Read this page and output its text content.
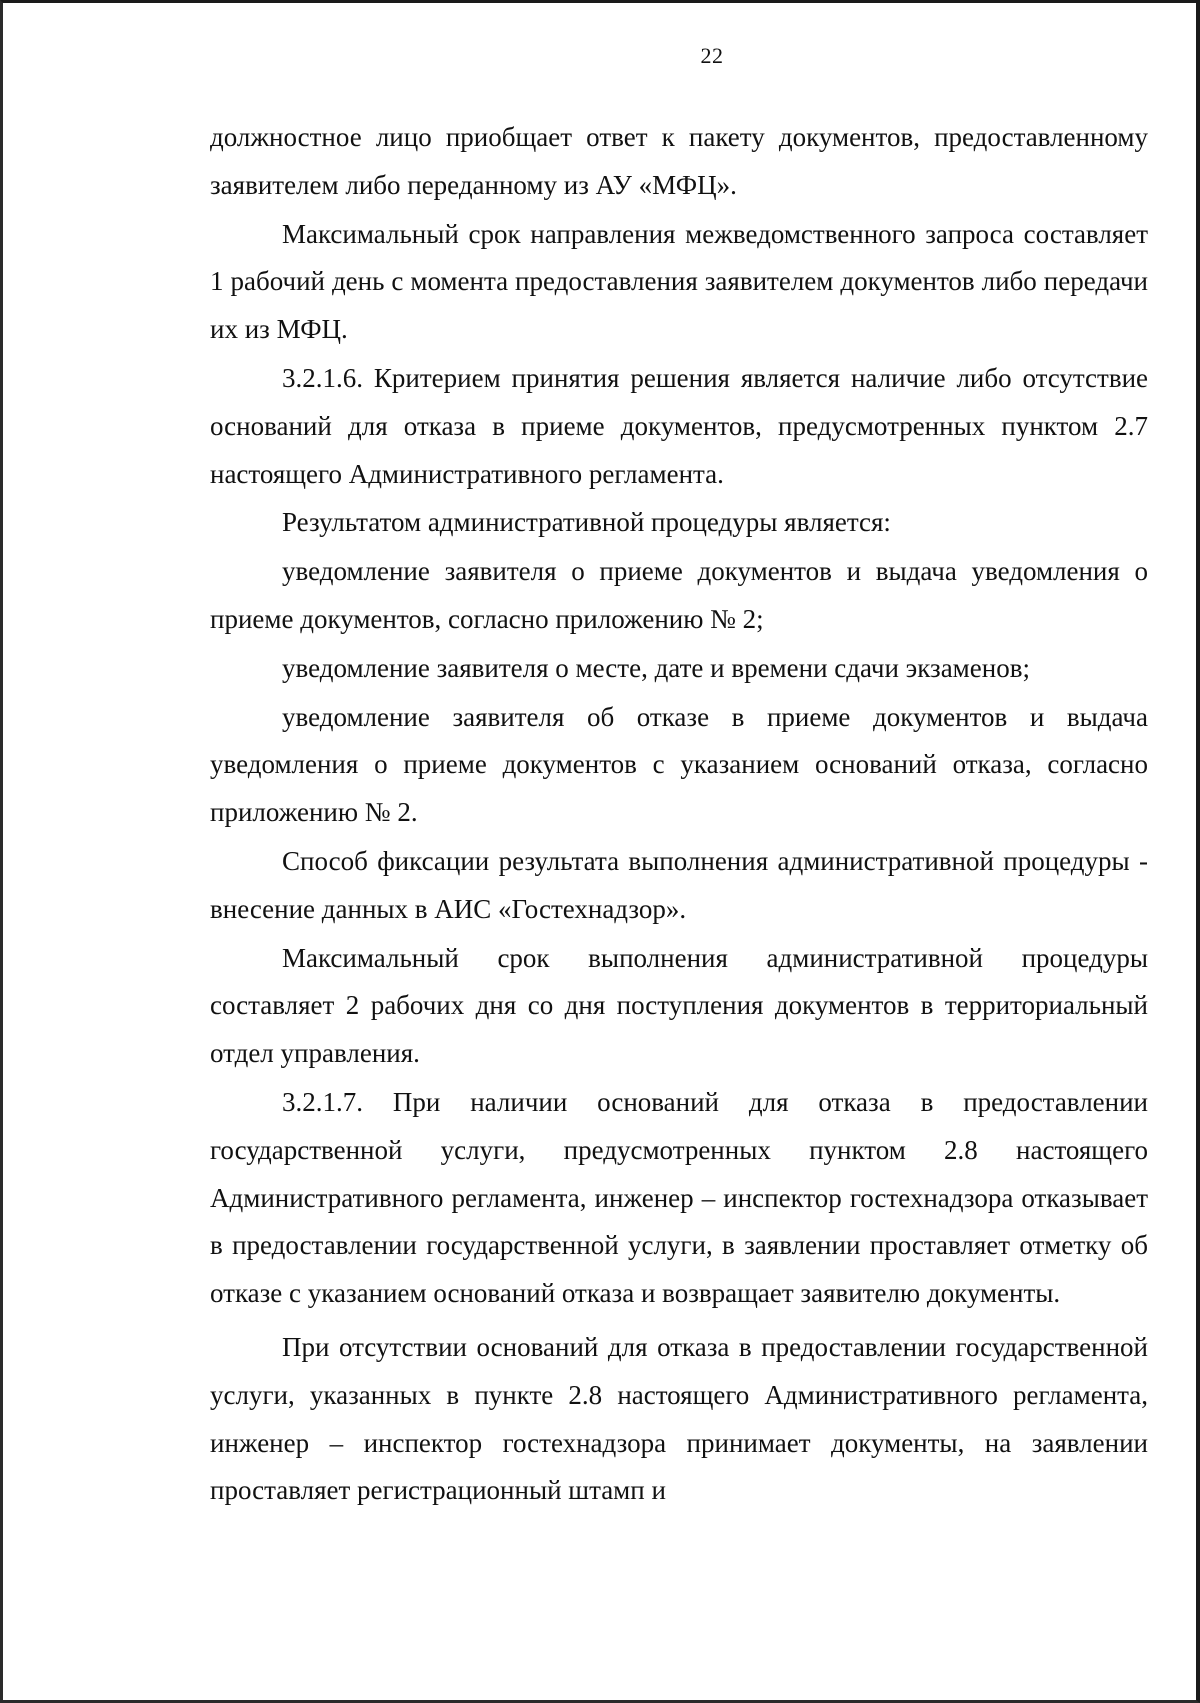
22

должностное лицо приобщает ответ к пакету документов, предоставленному заявителем либо переданному из АУ «МФЦ».

Максимальный срок направления межведомственного запроса составляет 1 рабочий день с момента предоставления заявителем документов либо передачи их из МФЦ.

3.2.1.6. Критерием принятия решения является наличие либо отсутствие оснований для отказа в приеме документов, предусмотренных пунктом 2.7 настоящего Административного регламента.

Результатом административной процедуры является:

уведомление заявителя о приеме документов и выдача уведомления о приеме документов, согласно приложению № 2;

уведомление заявителя о месте, дате и времени сдачи экзаменов;

уведомление заявителя об отказе в приеме документов и выдача уведомления о приеме документов с указанием оснований отказа, согласно приложению № 2.

Способ фиксации результата выполнения административной процедуры - внесение данных в АИС «Гостехнадзор».

Максимальный срок выполнения административной процедуры составляет 2 рабочих дня со дня поступления документов в территориальный отдел управления.

3.2.1.7. При наличии оснований для отказа в предоставлении государственной услуги, предусмотренных пунктом 2.8 настоящего Административного регламента, инженер – инспектор гостехнадзора отказывает в предоставлении государственной услуги, в заявлении проставляет отметку об отказе с указанием оснований отказа и возвращает заявителю документы.

При отсутствии оснований для отказа в предоставлении государственной услуги, указанных в пункте 2.8 настоящего Административного регламента, инженер – инспектор гостехнадзора принимает документы, на заявлении проставляет регистрационный штамп и
